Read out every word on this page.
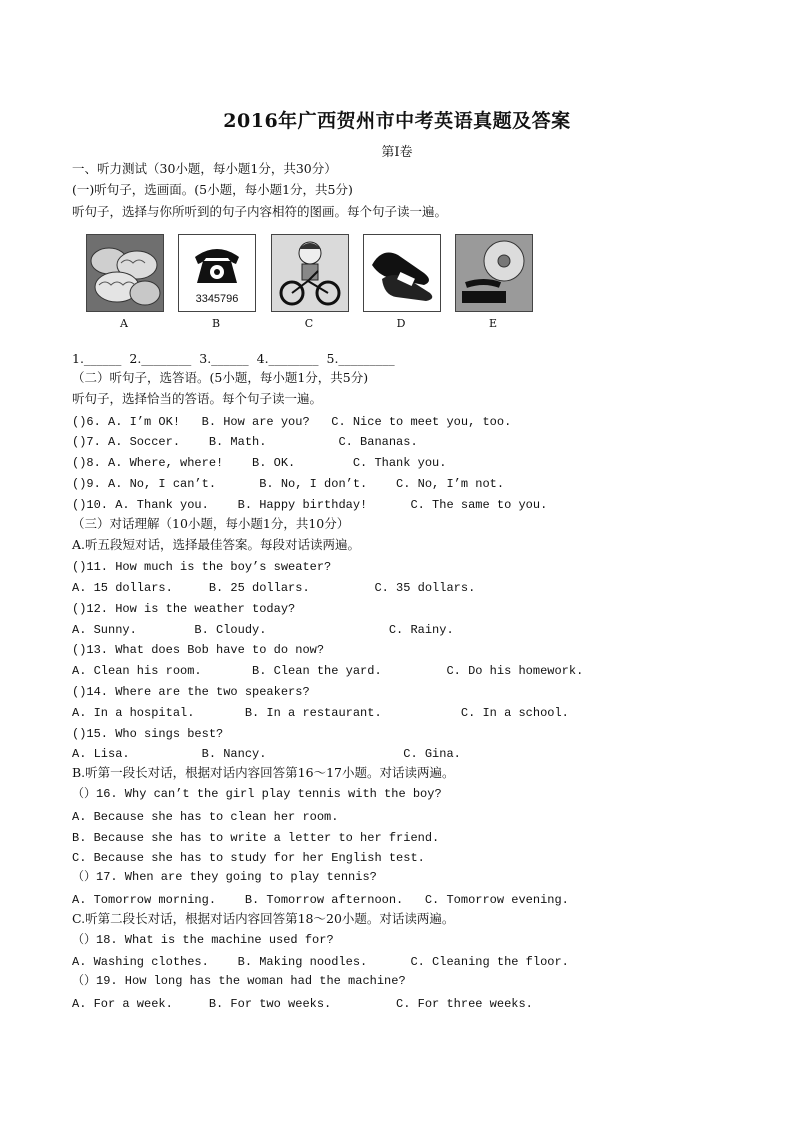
2016年广西贺州市中考英语真题及答案
第Ⅰ卷
一、听力测试（30小题，每小题1分，共30分）
(一)听句子，选画面。(5小题，每小题1分，共5分)
听句子，选择与你所听到的句子内容相符的图画。每个句子读一遍。
A
3345796
B	C	D	E
1.______  2.________  3.______  4.________  5._________
（二）听句子，选答语。(5小题，每小题1分，共5分)
听句子，选择恰当的答语。每个句子读一遍。
()6. A. I’m OK!   B. How are you?   C. Nice to meet you, too.
()7. A. Soccer.    B. Math.          C. Bananas.
()8. A. Where, where!    B. OK.        C. Thank you.
()9. A. No, I can’t.      B. No, I don’t.    C. No, I’m not.
()10. A. Thank you.    B. Happy birthday!      C. The same to you.
（三）对话理解（10小题，每小题1分，共10分）
A.听五段短对话，选择最佳答案。每段对话读两遍。
()11. How much is the boy’s sweater?
A. 15 dollars.     B. 25 dollars.         C. 35 dollars.
()12. How is the weather today?
A. Sunny.        B. Cloudy.                 C. Rainy.
()13. What does Bob have to do now?
A. Clean his room.       B. Clean the yard.         C. Do his homework.
()14. Where are the two speakers?
A. In a hospital.       B. In a restaurant.           C. In a school.
()15. Who sings best?
A. Lisa.          B. Nancy.                   C. Gina.
B.听第一段长对话，根据对话内容回答第16～17小题。对话读两遍。
（）16. Why can’t the girl play tennis with the boy?
A. Because she has to clean her room.
B. Because she has to write a letter to her friend.
C. Because she has to study for her English test.
（）17. When are they going to play tennis?
A. Tomorrow morning.    B. Tomorrow afternoon.   C. Tomorrow evening.
C.听第二段长对话，根据对话内容回答第18～20小题。对话读两遍。
（）18. What is the machine used for?
A. Washing clothes.    B. Making noodles.      C. Cleaning the floor.
（）19. How long has the woman had the machine?
A. For a week.     B. For two weeks.         C. For three weeks.
